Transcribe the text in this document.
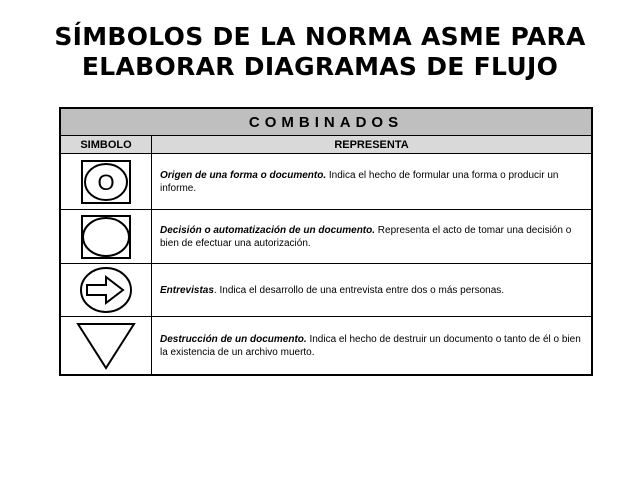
SÍMBOLOS DE LA NORMA ASME PARA
ELABORAR DIAGRAMAS DE FLUJO
COMBINADOS	
SIMBOLO	REPRESENTA

O	Origen de una forma o documento. Indica el hecho de formular una forma o producir un informe.

	Decisión o automatización de un documento. Representa el acto de tomar una decisión o bien de efectuar una autorización.

	Entrevistas. Indica el desarrollo de una entrevista entre dos o más personas.

	Destrucción de un documento. Indica el hecho de destruir un documento o tanto de él o bien la existencia de un archivo muerto.
